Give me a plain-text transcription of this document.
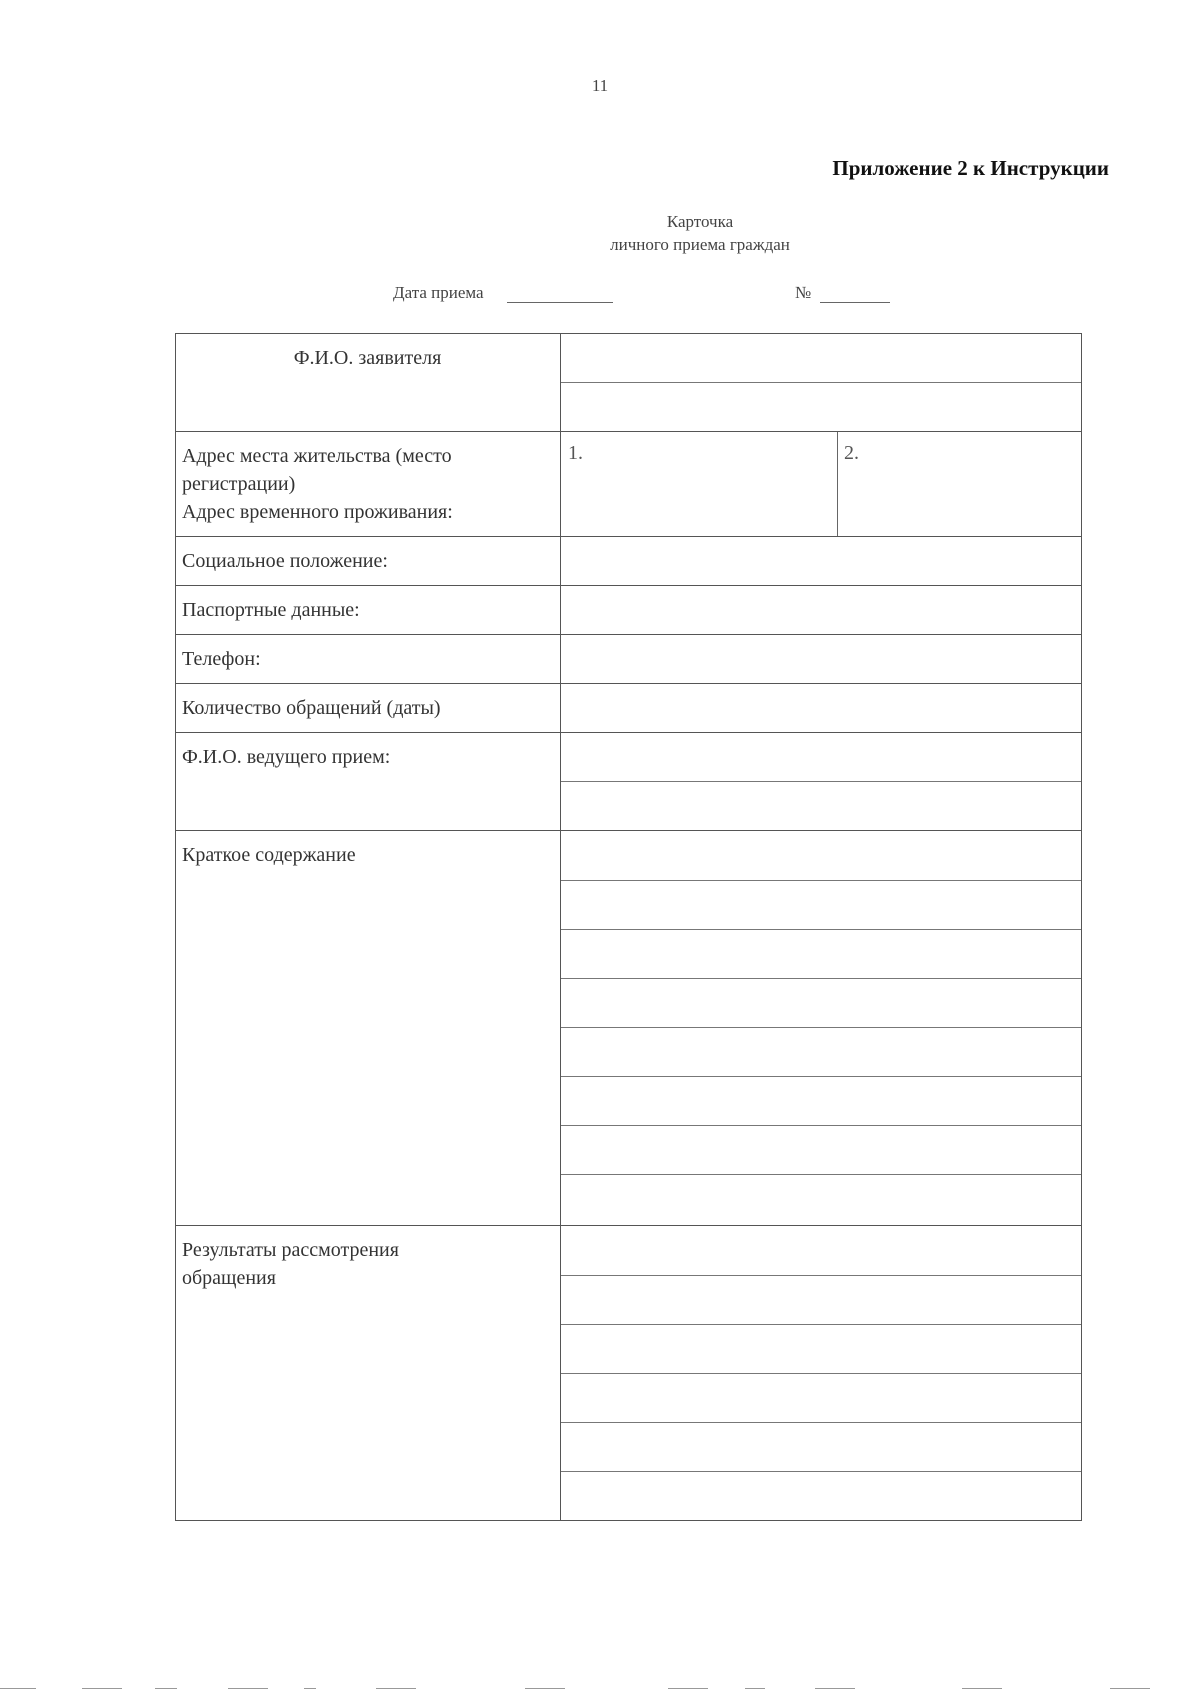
11
Приложение 2 к Инструкции
Карточка
личного приема граждан
Дата приема	№
Ф.И.О. заявителя
Адрес места жительства (место
регистрации)
Адрес временного проживания:
1.	2.
Социальное положение:
Паспортные данные:
Телефон:
Количество обращений (даты)
Ф.И.О. ведущего прием:
Краткое содержание
Результаты рассмотрения
обращения
